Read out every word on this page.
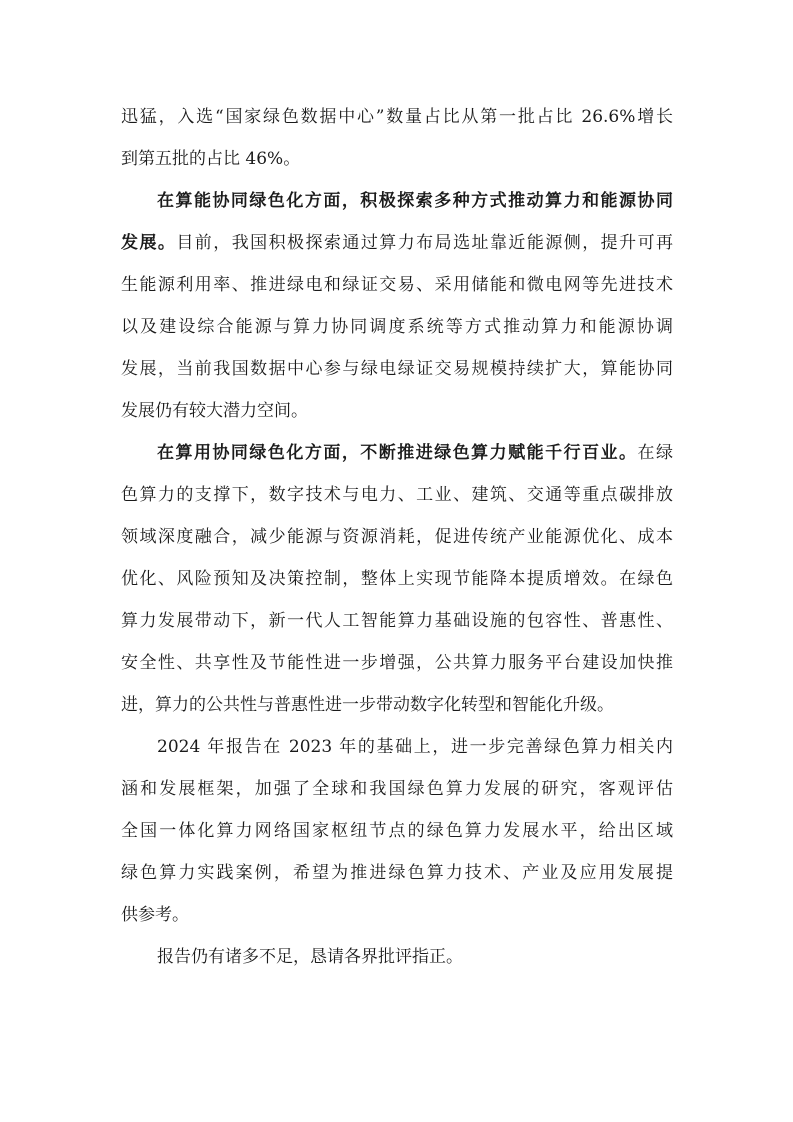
迅猛，入选“国家绿色数据中心”数量占比从第一批占比 26.6%增长

到第五批的占比 46%。

在算能协同绿色化方面，积极探索多种方式推动算力和能源协同

发展。目前，我国积极探索通过算力布局选址靠近能源侧，提升可再

生能源利用率、推进绿电和绿证交易、采用储能和微电网等先进技术

以及建设综合能源与算力协同调度系统等方式推动算力和能源协调

发展，当前我国数据中心参与绿电绿证交易规模持续扩大，算能协同

发展仍有较大潜力空间。

在算用协同绿色化方面，不断推进绿色算力赋能千行百业。在绿

色算力的支撑下，数字技术与电力、工业、建筑、交通等重点碳排放

领域深度融合，减少能源与资源消耗，促进传统产业能源优化、成本

优化、风险预知及决策控制，整体上实现节能降本提质增效。在绿色

算力发展带动下，新一代人工智能算力基础设施的包容性、普惠性、

安全性、共享性及节能性进一步增强，公共算力服务平台建设加快推

进，算力的公共性与普惠性进一步带动数字化转型和智能化升级。

2024 年报告在 2023 年的基础上，进一步完善绿色算力相关内

涵和发展框架，加强了全球和我国绿色算力发展的研究，客观评估

全国一体化算力网络国家枢纽节点的绿色算力发展水平，给出区域

绿色算力实践案例，希望为推进绿色算力技术、产业及应用发展提

供参考。

报告仍有诸多不足，恳请各界批评指正。
